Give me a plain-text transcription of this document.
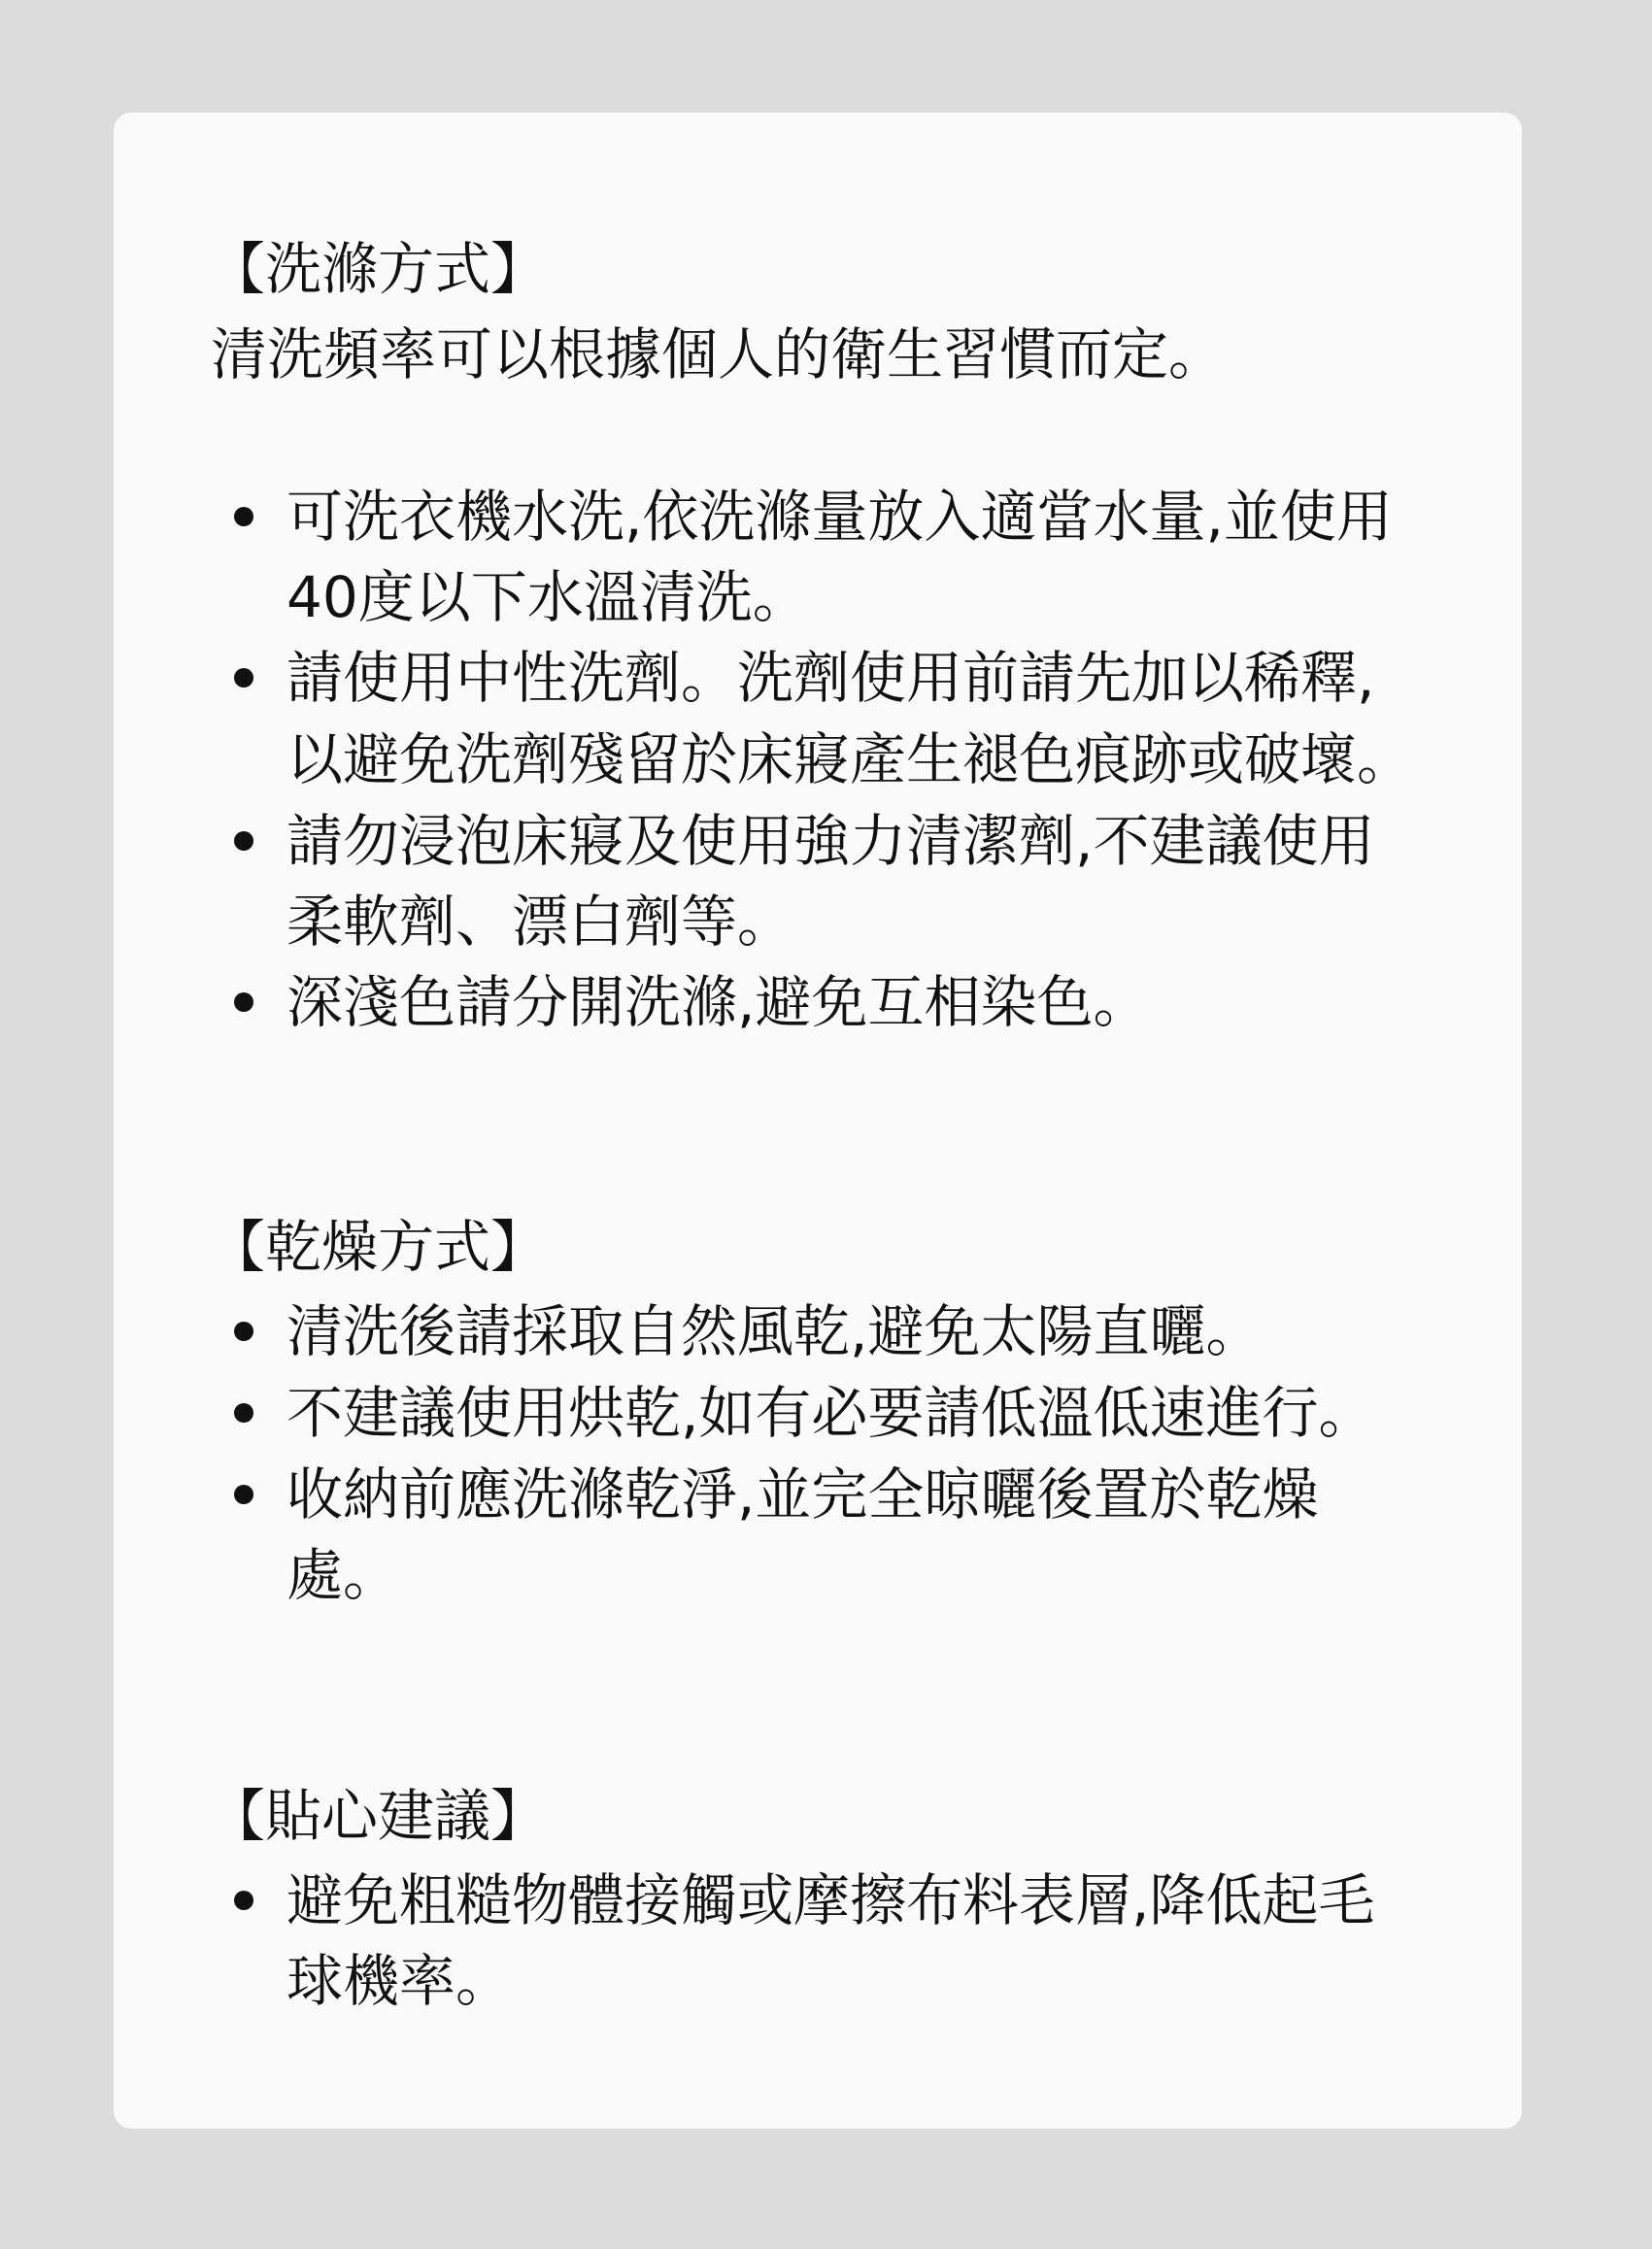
【洗滌方式】
清洗頻率可以根據個人的衛生習慣而定。
可洗衣機水洗,依洗滌量放入適當水量,並使用
40度以下水溫清洗。
請使用中性洗劑。洗劑使用前請先加以稀釋,
以避免洗劑殘留於床寢產生褪色痕跡或破壞。
請勿浸泡床寢及使用強力清潔劑,不建議使用
柔軟劑、漂白劑等。
深淺色請分開洗滌,避免互相染色。
【乾燥方式】
清洗後請採取自然風乾,避免太陽直曬。
不建議使用烘乾,如有必要請低溫低速進行。
收納前應洗滌乾淨,並完全晾曬後置於乾燥
處。
【貼心建議】
避免粗糙物體接觸或摩擦布料表層,降低起毛
球機率。
